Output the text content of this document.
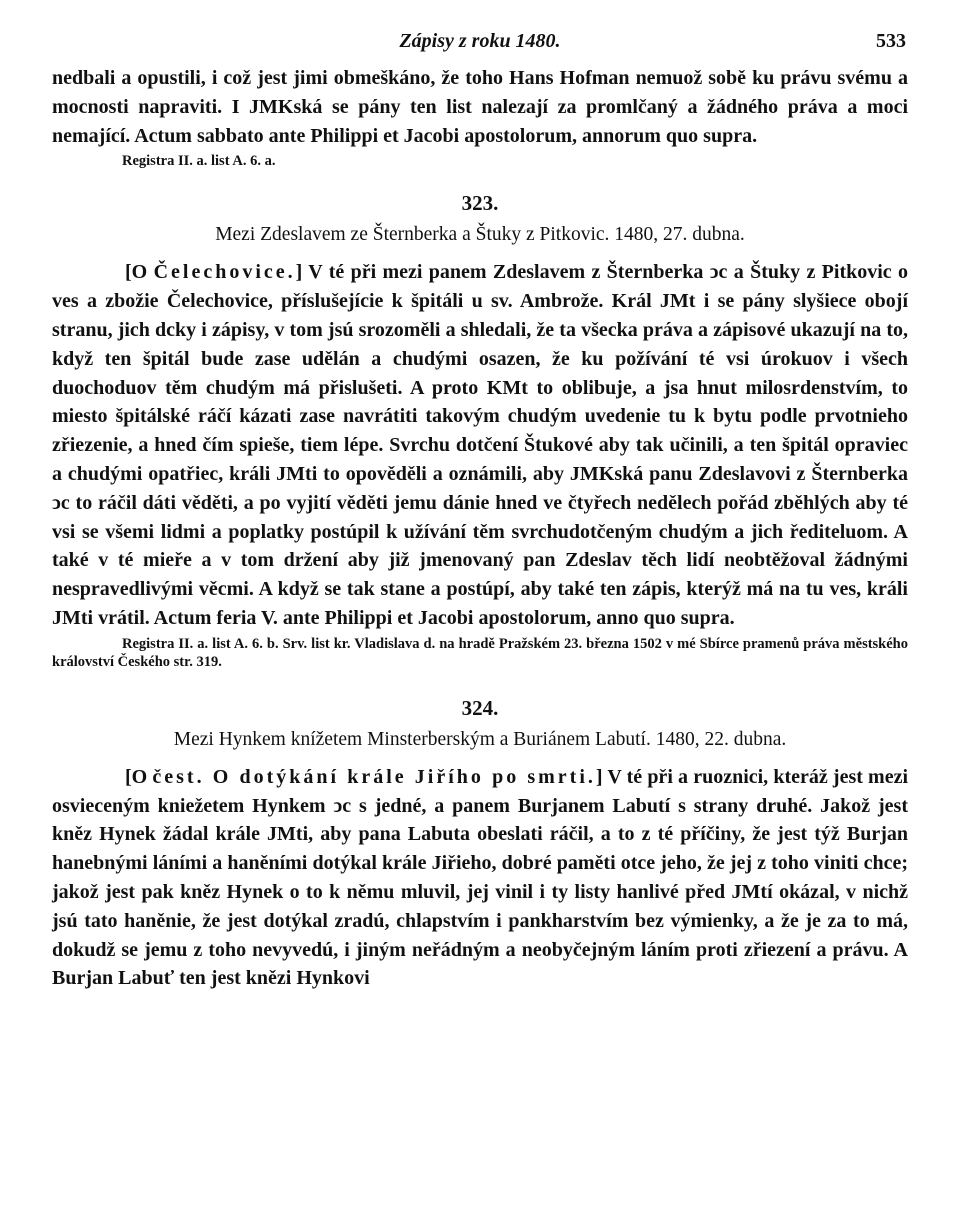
Zápisy z roku 1480.	533

nedbali a opustili, i což jest jimi obmeškáno, že toho Hans Hofman nemuož sobě ku právu svému a mocnosti napraviti. I JMKská se pány ten list nalezají za promlčaný a žádného práva a moci nemající. Actum sabbato ante Philippi et Jacobi apostolorum, annorum quo supra.

Registra II. a. list A. 6. a.

323.
Mezi Zdeslavem ze Šternberka a Štuky z Pitkovic. 1480, 27. dubna.

[O Čelechovice.] V té při mezi panem Zdeslavem z Šternberka ↄc a Štuky z Pitkovic o ves a zbožie Čelechovice, příslušejície k špitáli u sv. Ambrože. Král JMt i se pány slyšiece obojí stranu, jich dcky i zápisy, v tom jsú srozoměli a shledali, že ta všecka práva a zápisové ukazují na to, když ten špitál bude zase udělán a chudými osazen, že ku požívání té vsi úrokuov i všech duochoduov těm chudým má přislušeti. A proto KMt to oblibuje, a jsa hnut milosrdenstvím, to miesto špitálské ráčí kázati zase navrátiti takovým chudým uvedenie tu k bytu podle prvotnieho zřiezenie, a hned čím spieše, tiem lépe. Svrchu dotčení Štukové aby tak učinili, a ten špitál opraviec a chudými opatřiec, králi JMti to opověděli a oznámili, aby JMKská panu Zdeslavovi z Šternberka ↄc to ráčil dáti věděti, a po vyjití věděti jemu dánie hned ve čtyřech nedělech pořád zběhlých aby té vsi se všemi lidmi a poplatky postúpil k užívání těm svrchudotčeným chudým a jich řediteluom. A také v té mieře a v tom držení aby již jmenovaný pan Zdeslav těch lidí neobtěžoval žádnými nespravedlivými věcmi. A když se tak stane a postúpí, aby také ten zápis, kterýž má na tu ves, králi JMti vrátil. Actum feria V. ante Philippi et Jacobi apostolorum, anno quo supra.

Registra II. a. list A. 6. b. Srv. list kr. Vladislava d. na hradě Pražském 23. března 1502 v mé Sbírce pramenů práva městského království Českého str. 319.

324.
Mezi Hynkem knížetem Minsterberským a Buriánem Labutí. 1480, 22. dubna.

[O čest. O dotýkání krále Jiřího po smrti.] V té při a ruoznici, kteráž jest mezi osvieceným kniežetem Hynkem ↄc s jedné, a panem Burjanem Labutí s strany druhé. Jakož jest kněz Hynek žádal krále JMti, aby pana Labuta obeslati ráčil, a to z té příčiny, že jest týž Burjan hanebnými láními a haněními dotýkal krále Jiřieho, dobré paměti otce jeho, že jej z toho viniti chce; jakož jest pak kněz Hynek o to k němu mluvil, jej vinil i ty listy hanlivé před JMtí okázal, v nichž jsú tato haněnie, že jest dotýkal zradú, chlapstvím i pankharstvím bez výmienky, a že je za to má, dokudž se jemu z toho nevyvedú, i jiným neřádným a neobyčejným láním proti zřiezení a právu. A Burjan Labuť ten jest knězi Hynkovi
